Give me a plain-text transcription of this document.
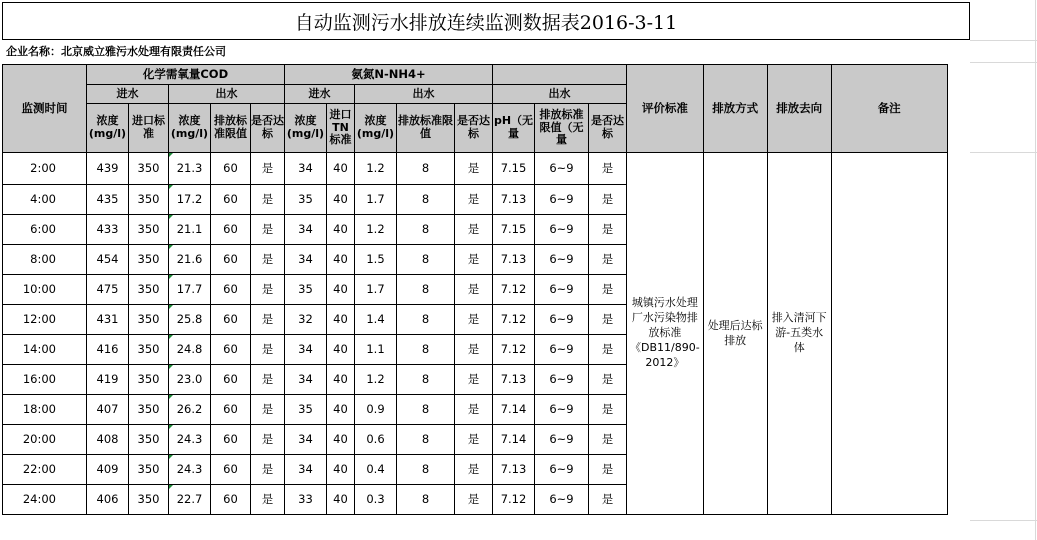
自动监测污水排放连续监测数据表2016-3-11
企业名称：北京威立雅污水处理有限责任公司
监测时间	化学需氧量COD					氨氮N-NH4+								评价标准	排放方式	排放去向	备注
	进水		出水			进水		出水			出水						
	浓度(mg/l)	进口标准	浓度(mg/l)	排放标准限值	是否达标	浓度(mg/l)	进口TN标准	浓度(mg/l)	排放标准限值	是否达标	pH（无量	排放标准限值（无量	是否达标				
2:00	439	350	21.3	60	是	34	40	1.2	8	是	7.15	6~9	是	城镇污水处理厂水污染物排放标准《DB11/890-2012》	处理后达标排放	排入清河下游-五类水体	
4:00	435	350	17.2	60	是	35	40	1.7	8	是	7.13	6~9	是				
6:00	433	350	21.1	60	是	34	40	1.2	8	是	7.15	6~9	是				
8:00	454	350	21.6	60	是	34	40	1.5	8	是	7.13	6~9	是				
10:00	475	350	17.7	60	是	35	40	1.7	8	是	7.12	6~9	是				
12:00	431	350	25.8	60	是	32	40	1.4	8	是	7.12	6~9	是				
14:00	416	350	24.8	60	是	34	40	1.1	8	是	7.12	6~9	是				
16:00	419	350	23.0	60	是	34	40	1.2	8	是	7.13	6~9	是				
18:00	407	350	26.2	60	是	35	40	0.9	8	是	7.14	6~9	是				
20:00	408	350	24.3	60	是	34	40	0.6	8	是	7.14	6~9	是				
22:00	409	350	24.3	60	是	34	40	0.4	8	是	7.13	6~9	是				
24:00	406	350	22.7	60	是	33	40	0.3	8	是	7.12	6~9	是				
